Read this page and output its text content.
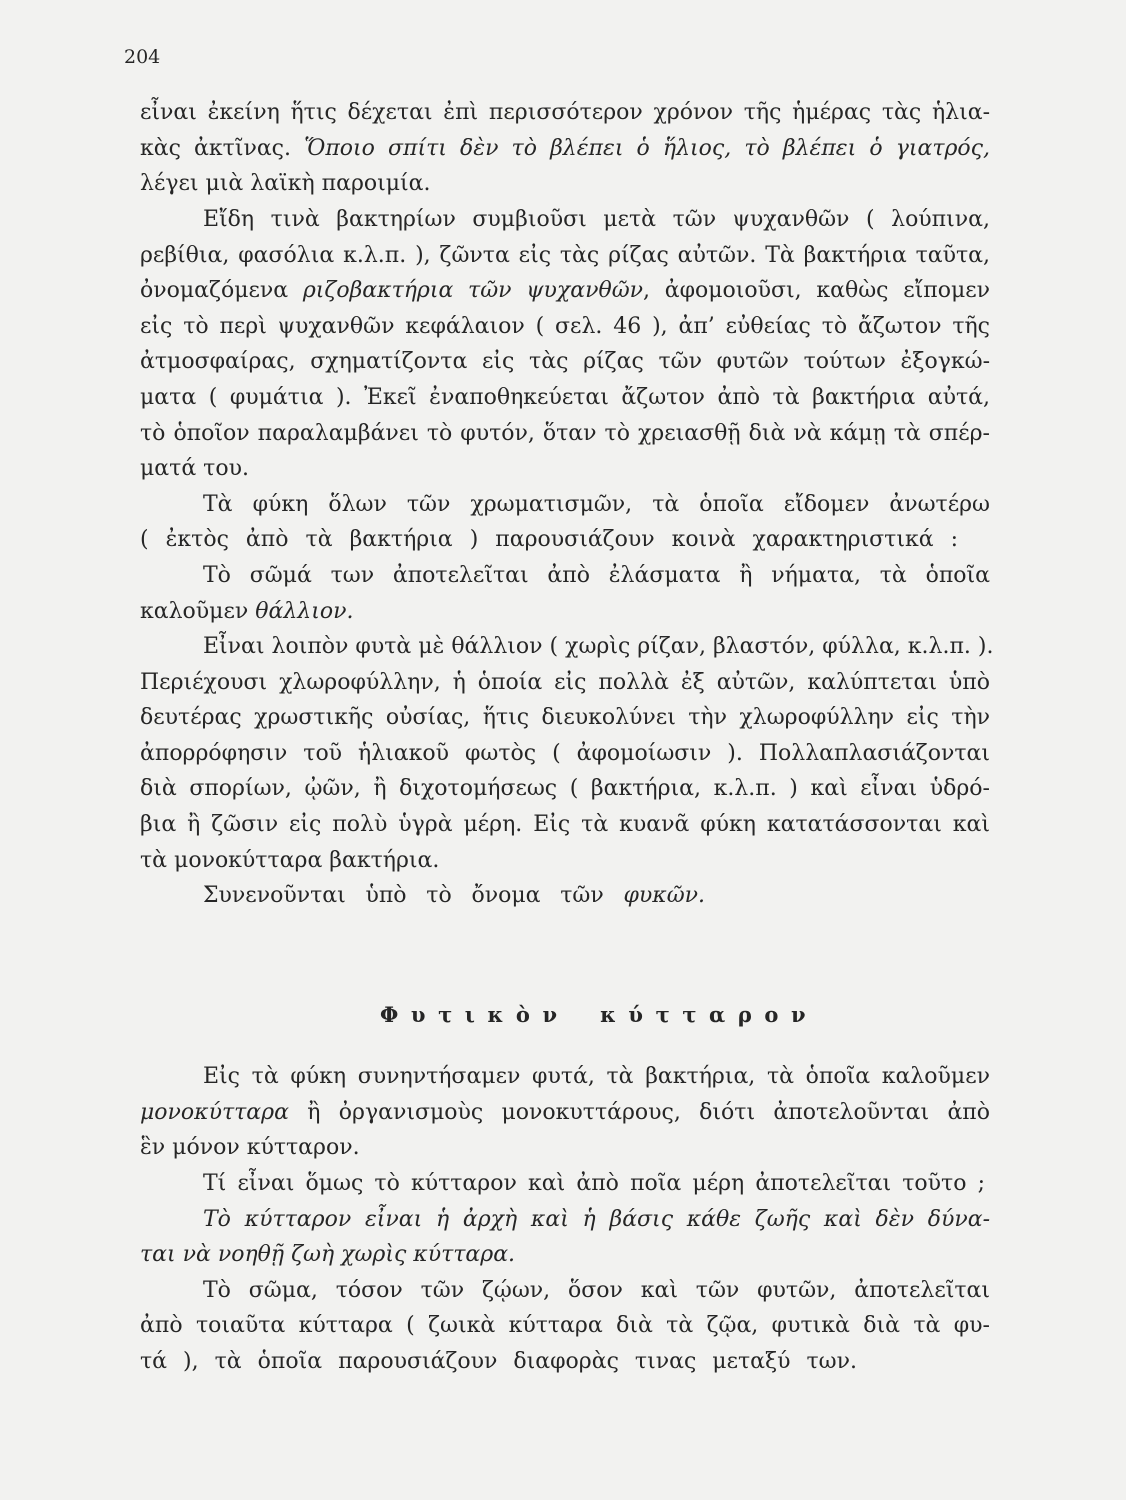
204
εἶναι ἐκείνη ἥτις δέχεται ἐπὶ περισσότερον χρόνον τῆς ἡμέρας τὰς ἡλια-
κὰς ἀκτῖνας. Ὅποιο σπίτι δὲν τὸ βλέπει ὁ ἥλιος, τὸ βλέπει ὁ γιατρός,
λέγει μιὰ λαϊκὴ παροιμία.
Εἴδη τινὰ βακτηρίων συμβιοῦσι μετὰ τῶν ψυχανθῶν ( λούπινα,
ρεβίθια, φασόλια κ.λ.π. ), ζῶντα εἰς τὰς ρίζας αὐτῶν. Τὰ βακτήρια ταῦτα,
ὀνομαζόμενα ριζοβακτήρια τῶν ψυχανθῶν, ἀφομοιοῦσι, καθὼς εἴπομεν
εἰς τὸ περὶ ψυχανθῶν κεφάλαιον ( σελ. 46 ), ἀπ’ εὐθείας τὸ ἄζωτον τῆς
ἀτμοσφαίρας, σχηματίζοντα εἰς τὰς ρίζας τῶν φυτῶν τούτων ἐξογκώ-
ματα ( φυμάτια ). Ἐκεῖ ἐναποθηκεύεται ἄζωτον ἀπὸ τὰ βακτήρια αὐτά,
τὸ ὁποῖον παραλαμβάνει τὸ φυτόν, ὅταν τὸ χρειασθῇ διὰ νὰ κάμῃ τὰ σπέρ-
ματά του.
Τὰ φύκη ὅλων τῶν χρωματισμῶν, τὰ ὁποῖα εἴδομεν ἀνωτέρω
( ἐκτὸς ἀπὸ τὰ βακτήρια ) παρουσιάζουν κοινὰ χαρακτηριστικά :
Τὸ σῶμά των ἀποτελεῖται ἀπὸ ἐλάσματα ἢ νήματα, τὰ ὁποῖα
καλοῦμεν θάλλιον.
Εἶναι λοιπὸν φυτὰ μὲ θάλλιον ( χωρὶς ρίζαν, βλαστόν, φύλλα, κ.λ.π. ).
Περιέχουσι χλωροφύλλην, ἡ ὁποία εἰς πολλὰ ἐξ αὐτῶν, καλύπτεται ὑπὸ
δευτέρας χρωστικῆς οὐσίας, ἥτις διευκολύνει τὴν χλωροφύλλην εἰς τὴν
ἀπορρόφησιν τοῦ ἡλιακοῦ φωτὸς ( ἀφομοίωσιν ). Πολλαπλασιάζονται
διὰ σπορίων, ᾠῶν, ἢ διχοτομήσεως ( βακτήρια, κ.λ.π. ) καὶ εἶναι ὑδρό-
βια ἢ ζῶσιν εἰς πολὺ ὑγρὰ μέρη. Εἰς τὰ κυανᾶ φύκη κατατάσσονται καὶ
τὰ μονοκύτταρα βακτήρια.
Συνενοῦνται ὑπὸ τὸ ὄνομα τῶν φυκῶν.
Φυτικὸν κύτταρον
Εἰς τὰ φύκη συνηντήσαμεν φυτά, τὰ βακτήρια, τὰ ὁποῖα καλοῦμεν
μονοκύτταρα ἢ ὀργανισμοὺς μονοκυττάρους, διότι ἀποτελοῦνται ἀπὸ
ἓν μόνον κύτταρον.
Τί εἶναι ὅμως τὸ κύτταρον καὶ ἀπὸ ποῖα μέρη ἀποτελεῖται τοῦτο ;
Τὸ κύτταρον εἶναι ἡ ἀρχὴ καὶ ἡ βάσις κάθε ζωῆς καὶ δὲν δύνα-
ται νὰ νοηθῇ ζωὴ χωρὶς κύτταρα.
Τὸ σῶμα, τόσον τῶν ζῴων, ὅσον καὶ τῶν φυτῶν, ἀποτελεῖται
ἀπὸ τοιαῦτα κύτταρα ( ζωικὰ κύτταρα διὰ τὰ ζῷα, φυτικὰ διὰ τὰ φυ-
τά ), τὰ ὁποῖα παρουσιάζουν διαφορὰς τινας μεταξύ των.
